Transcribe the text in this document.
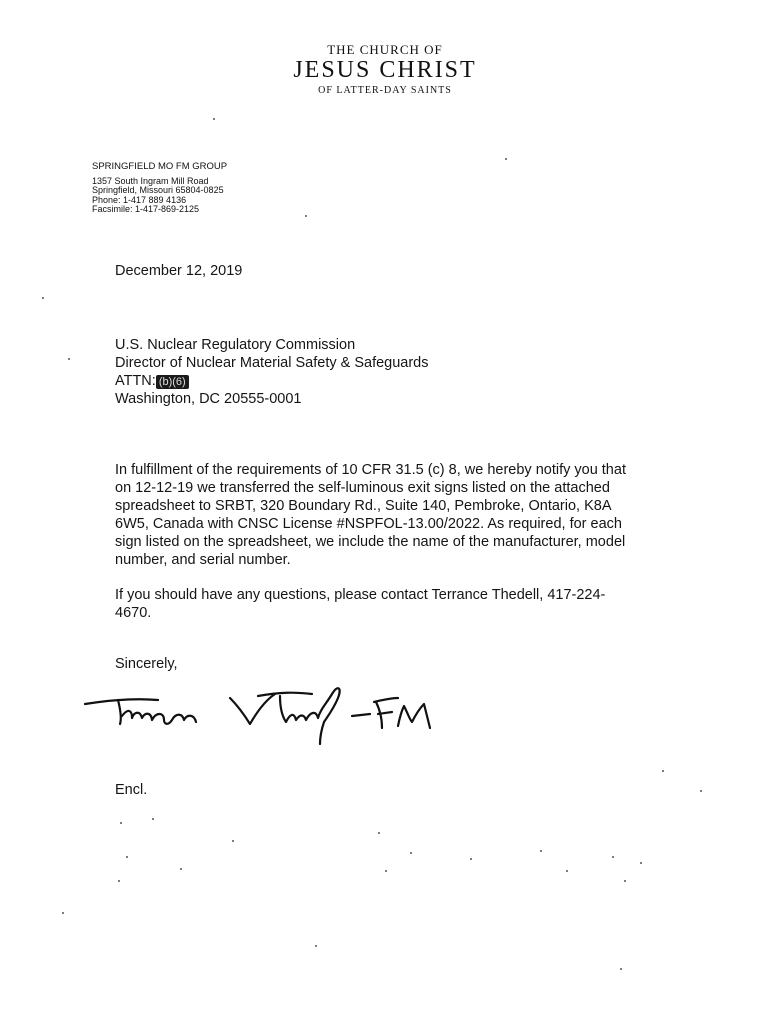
THE CHURCH OF
JESUS CHRIST
OF LATTER-DAY SAINTS
SPRINGFIELD MO FM GROUP
1357 South Ingram Mill Road
Springfield, Missouri 65804-0825
Phone: 1-417 889 4136
Facsimile: 1-417-869-2125
December 12, 2019
U.S. Nuclear Regulatory Commission
Director of Nuclear Material Safety & Safeguards
ATTN: (b)(6)
Washington, DC 20555-0001
In fulfillment of the requirements of 10 CFR 31.5 (c) 8, we hereby notify you that
on 12-12-19 we transferred the self-luminous exit signs listed on the attached
spreadsheet to SRBT, 320 Boundary Rd., Suite 140, Pembroke, Ontario, K8A
6W5, Canada with CNSC License #NSPFOL-13.00/2022. As required, for each
sign listed on the spreadsheet, we include the name of the manufacturer, model
number, and serial number.
If you should have any questions, please contact Terrance Thedell, 417-224-
4670.
Sincerely,
Encl.
